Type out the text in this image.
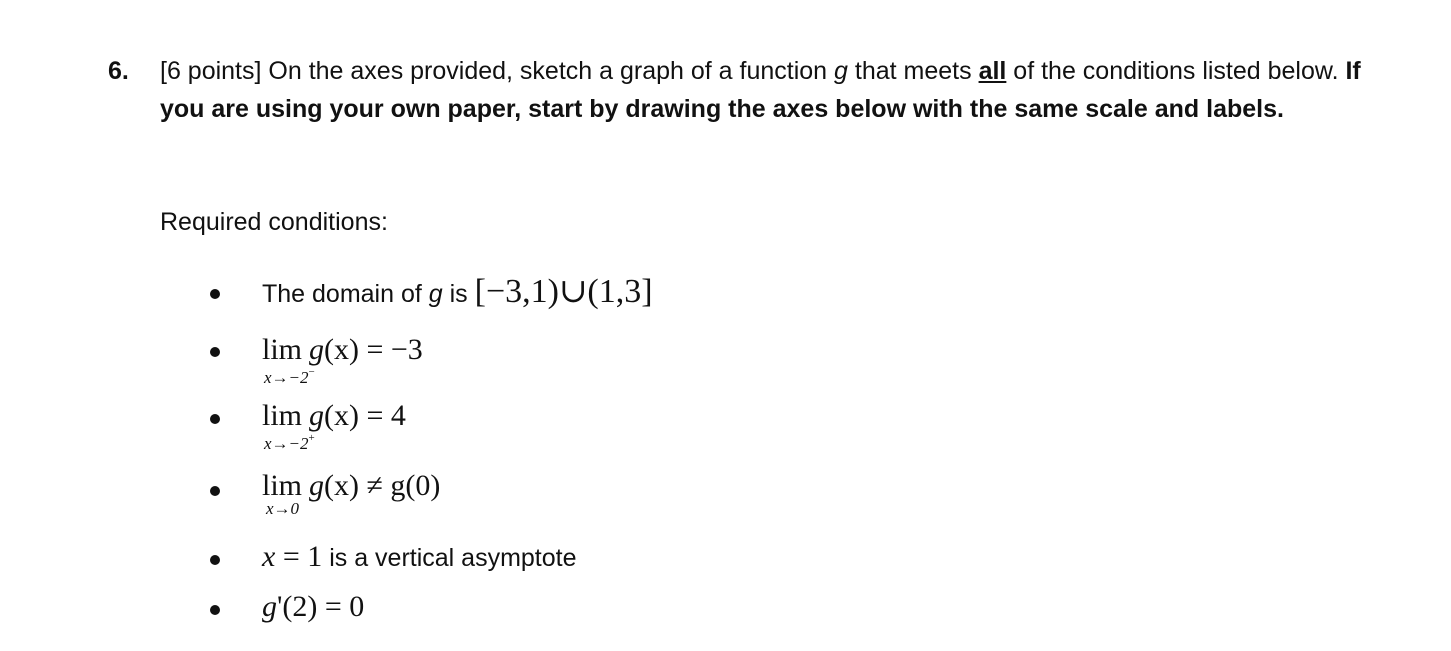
6. [6 points] On the axes provided, sketch a graph of a function g that meets all of the conditions listed below. If you are using your own paper, start by drawing the axes below with the same scale and labels.
Required conditions:
The domain of g is [−3,1)∪(1,3]
lim
x→−2−
g(x) = −3
lim
x→−2+
g(x) = 4
lim
x→0
g(x) ≠ g(0)
x = 1 is a vertical asymptote
g'(2) = 0
